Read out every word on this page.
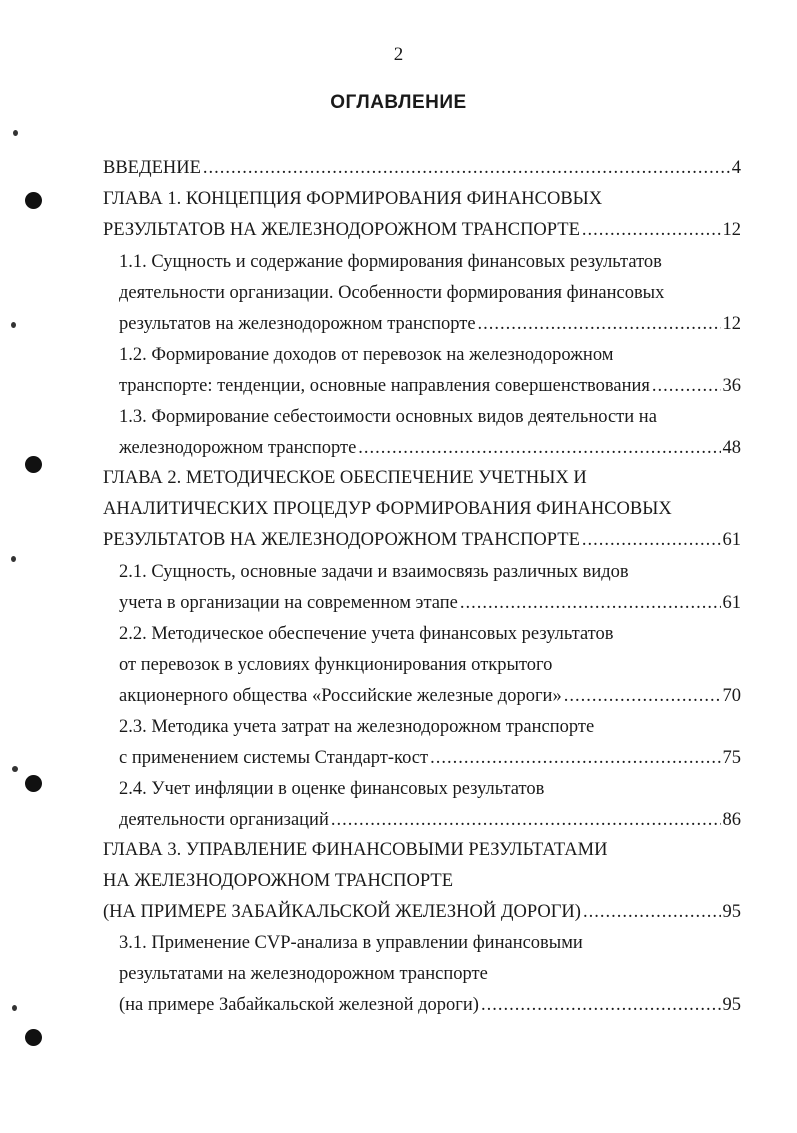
2
ОГЛАВЛЕНИЕ
ВВЕДЕНИЕ .....	4
ГЛАВА 1. КОНЦЕПЦИЯ ФОРМИРОВАНИЯ ФИНАНСОВЫХ
РЕЗУЛЬТАТОВ НА ЖЕЛЕЗНОДОРОЖНОМ ТРАНСПОРТЕ .....	12
1.1. Сущность и содержание формирования финансовых результатов
деятельности организации. Особенности формирования финансовых
результатов на железнодорожном транспорте .....	12
1.2. Формирование доходов от перевозок на железнодорожном
транспорте: тенденции, основные направления совершенствования .....	36
1.3. Формирование себестоимости основных видов деятельности на
железнодорожном транспорте .....	48
ГЛАВА 2. МЕТОДИЧЕСКОЕ ОБЕСПЕЧЕНИЕ УЧЕТНЫХ И
АНАЛИТИЧЕСКИХ ПРОЦЕДУР ФОРМИРОВАНИЯ ФИНАНСОВЫХ
РЕЗУЛЬТАТОВ НА ЖЕЛЕЗНОДОРОЖНОМ ТРАНСПОРТЕ .....	61
2.1. Сущность, основные задачи и взаимосвязь различных видов
учета в организации на современном этапе .....	61
2.2. Методическое обеспечение учета финансовых результатов
от перевозок в условиях функционирования открытого
акционерного общества «Российские железные дороги» .....	70
2.3. Методика учета затрат на железнодорожном транспорте
с применением системы Стандарт-кост .....	75
2.4. Учет инфляции в оценке финансовых результатов
деятельности организаций .....	86
ГЛАВА 3. УПРАВЛЕНИЕ ФИНАНСОВЫМИ РЕЗУЛЬТАТАМИ
НА ЖЕЛЕЗНОДОРОЖНОМ ТРАНСПОРТЕ
(НА ПРИМЕРЕ ЗАБАЙКАЛЬСКОЙ ЖЕЛЕЗНОЙ ДОРОГИ) .....	95
3.1. Применение CVP-анализа в управлении финансовыми
результатами на железнодорожном транспорте
(на примере Забайкальской железной дороги) .....	95
